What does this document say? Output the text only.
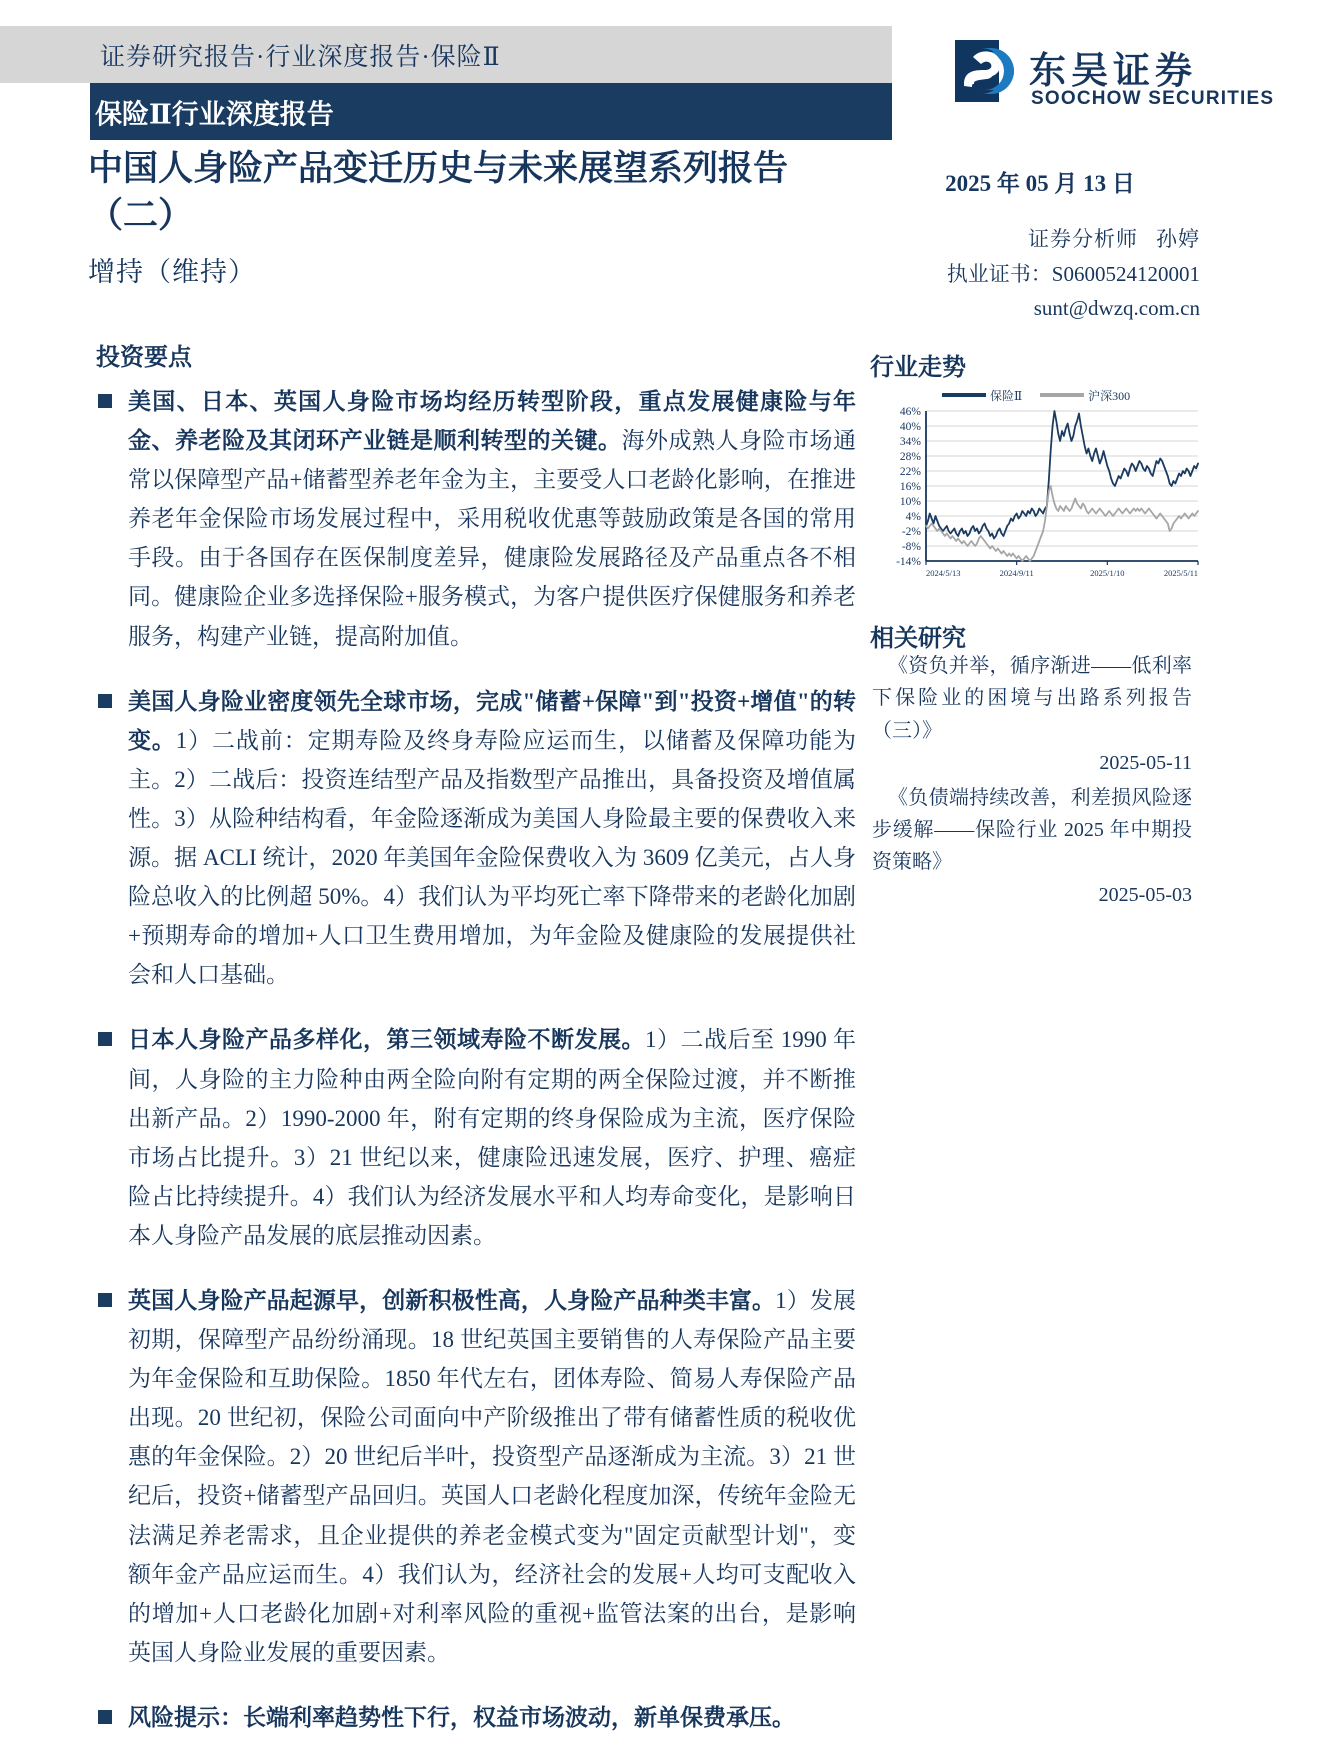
证券研究报告·行业深度报告·保险Ⅱ
保险Ⅱ行业深度报告
东吴证券
SOOCHOW SECURITIES
中国人身险产品变迁历史与未来展望系列报告（二）
增持（维持）
2025 年 05 月 13 日
证券分析师 孙婷
执业证书：S0600524120001
sunt@dwzq.com.cn
行业走势
保险Ⅱ	沪深300
46%
40%
34%
28%
22%
16%
10%
4%
-2%
-8%
-14%
2024/5/13	2024/9/11	2025/1/10	2025/5/11
相关研究
《资负并举，循序渐进——低利率下保险业的困境与出路系列报告（三）》
2025-05-11
《负债端持续改善，利差损风险逐步缓解——保险行业 2025 年中期投资策略》
2025-05-03
投资要点
美国、日本、英国人身险市场均经历转型阶段，重点发展健康险与年金、养老险及其闭环产业链是顺利转型的关键。海外成熟人身险市场通常以保障型产品+储蓄型养老年金为主，主要受人口老龄化影响，在推进养老年金保险市场发展过程中，采用税收优惠等鼓励政策是各国的常用手段。由于各国存在医保制度差异，健康险发展路径及产品重点各不相同。健康险企业多选择保险+服务模式，为客户提供医疗保健服务和养老服务，构建产业链，提高附加值。
美国人身险业密度领先全球市场，完成"储蓄+保障"到"投资+增值"的转变。1）二战前：定期寿险及终身寿险应运而生，以储蓄及保障功能为主。2）二战后：投资连结型产品及指数型产品推出，具备投资及增值属性。3）从险种结构看，年金险逐渐成为美国人身险最主要的保费收入来源。据 ACLI 统计，2020 年美国年金险保费收入为 3609 亿美元，占人身险总收入的比例超 50%。4）我们认为平均死亡率下降带来的老龄化加剧+预期寿命的增加+人口卫生费用增加，为年金险及健康险的发展提供社会和人口基础。
日本人身险产品多样化，第三领域寿险不断发展。1）二战后至 1990 年间，人身险的主力险种由两全险向附有定期的两全保险过渡，并不断推出新产品。2）1990-2000 年，附有定期的终身保险成为主流，医疗保险市场占比提升。3）21 世纪以来，健康险迅速发展，医疗、护理、癌症险占比持续提升。4）我们认为经济发展水平和人均寿命变化，是影响日本人身险产品发展的底层推动因素。
英国人身险产品起源早，创新积极性高，人身险产品种类丰富。1）发展初期，保障型产品纷纷涌现。18 世纪英国主要销售的人寿保险产品主要为年金保险和互助保险。1850 年代左右，团体寿险、简易人寿保险产品出现。20 世纪初，保险公司面向中产阶级推出了带有储蓄性质的税收优惠的年金保险。2）20 世纪后半叶，投资型产品逐渐成为主流。3）21 世纪后，投资+储蓄型产品回归。英国人口老龄化程度加深，传统年金险无法满足养老需求，且企业提供的养老金模式变为"固定贡献型计划"，变额年金产品应运而生。4）我们认为，经济社会的发展+人均可支配收入的增加+人口老龄化加剧+对利率风险的重视+监管法案的出台，是影响英国人身险业发展的重要因素。
风险提示：长端利率趋势性下行，权益市场波动，新单保费承压。
